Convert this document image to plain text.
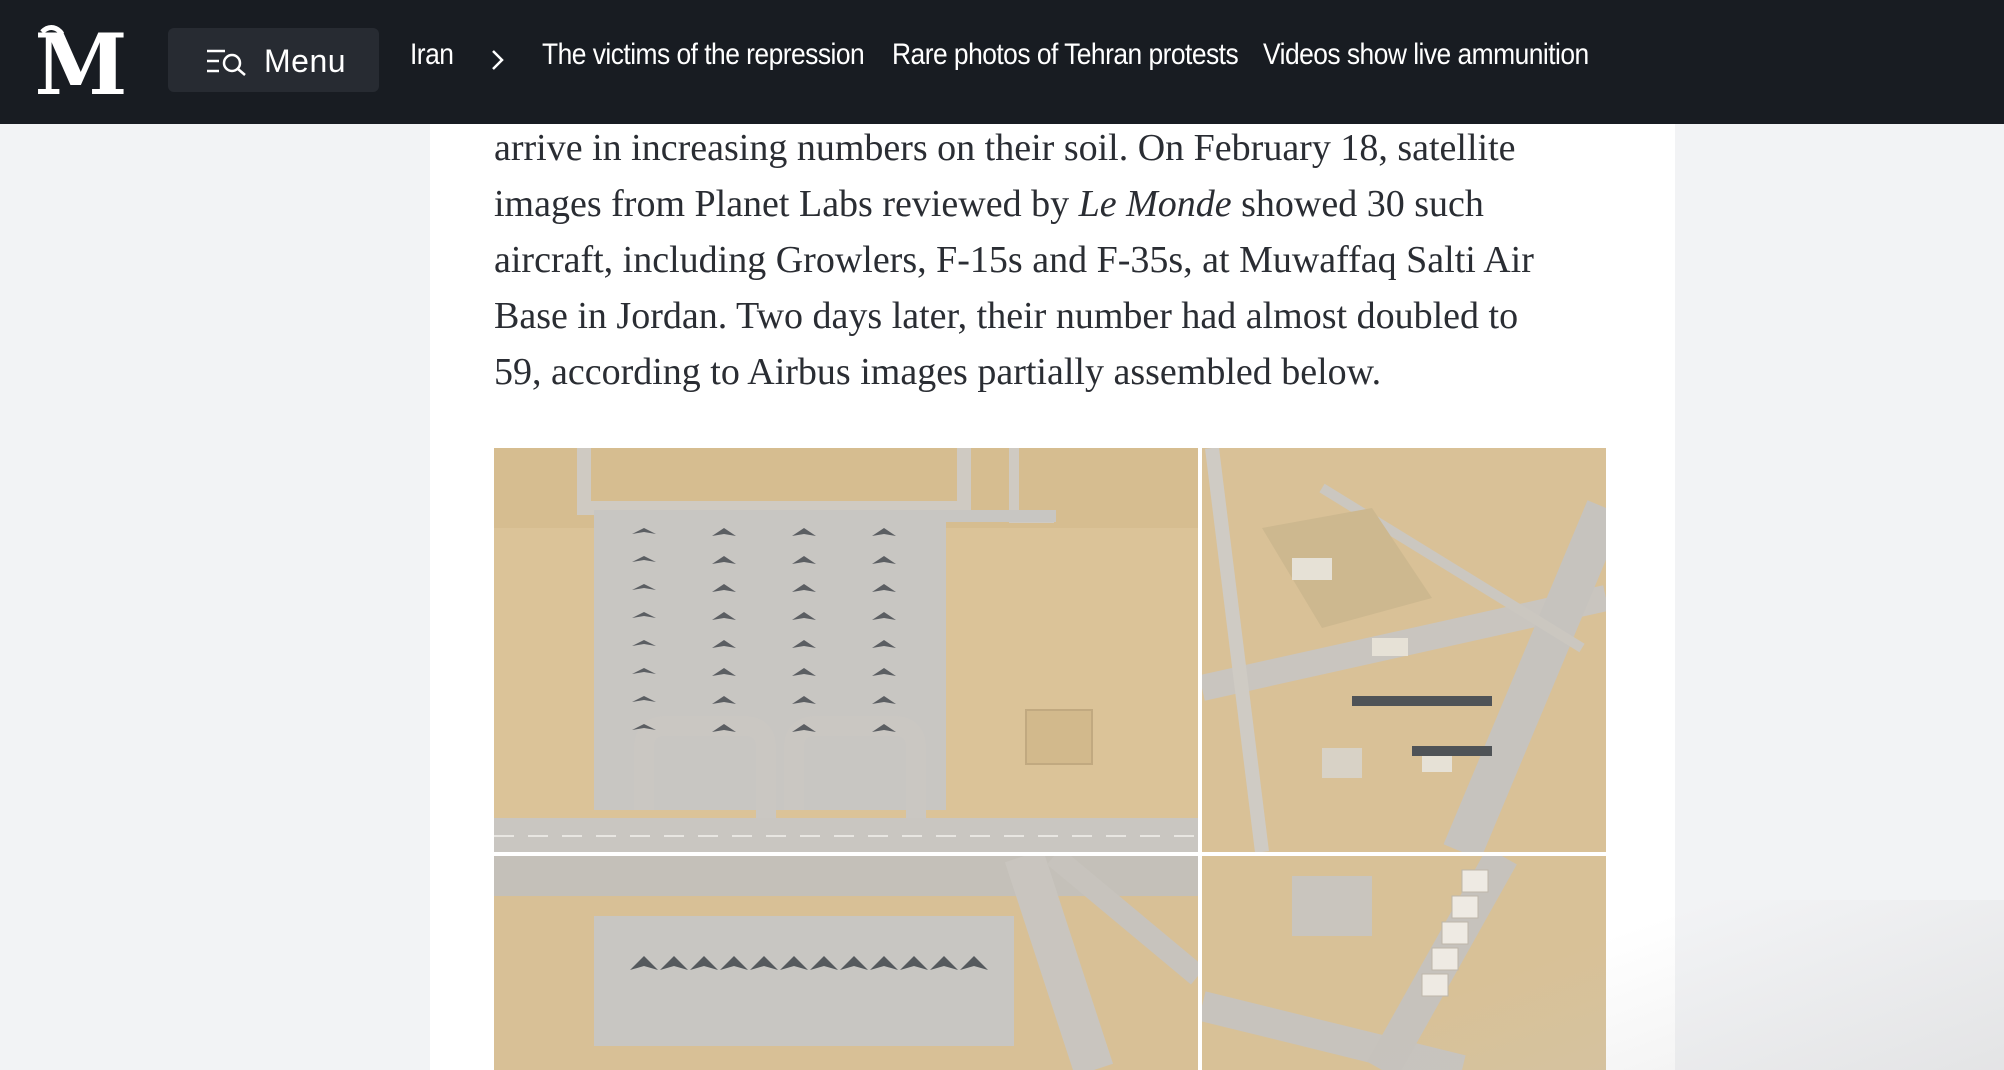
M	Menu Iran	The victims of the repression Rare photos of Tehran protests Videos show live ammunition
arrive in increasing numbers on their soil. On February 18, satellite
images from Planet Labs reviewed by Le Monde showed 30 such
aircraft, including Growlers, F-15s and F-35s, at Muwaffaq Salti Air
Base in Jordan. Two days later, their number had almost doubled to
59, according to Airbus images partially assembled below.
